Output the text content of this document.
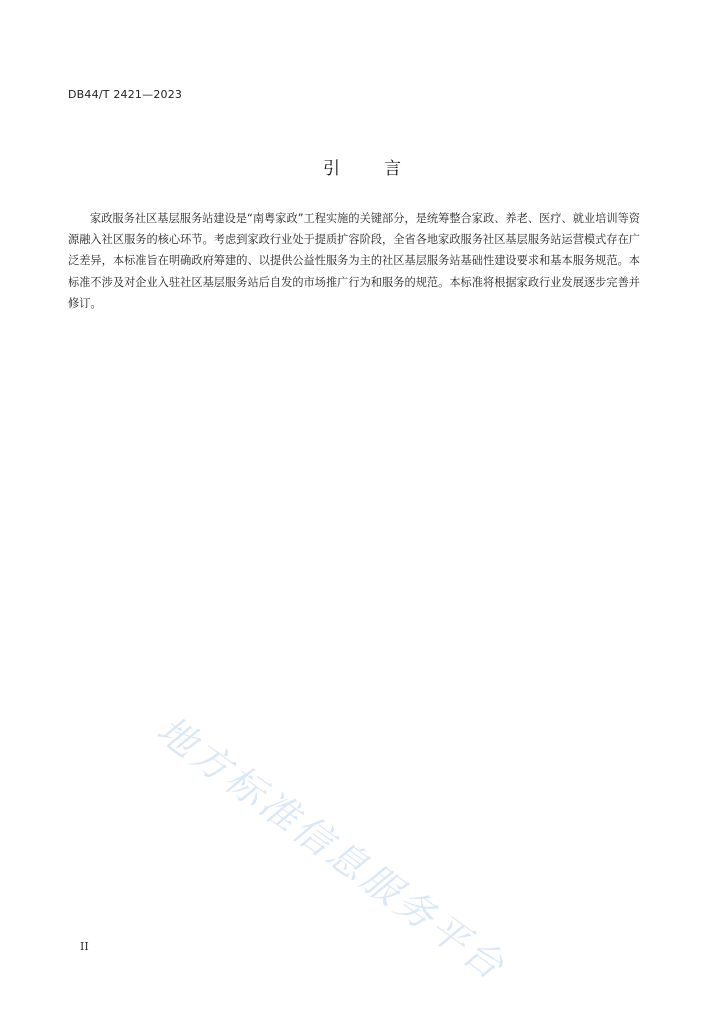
DB44/T 2421—2023
引言

家政服务社区基层服务站建设是“南粤家政”工程实施的关键部分，是统筹整合家政、养老、医疗、就业培训等资源融入社区服务的核心环节。考虑到家政行业处于提质扩容阶段，全省各地家政服务社区基层服务站运营模式存在广泛差异，本标准旨在明确政府筹建的、以提供公益性服务为主的社区基层服务站基础性建设要求和基本服务规范。本标准不涉及对企业入驻社区基层服务站后自发的市场推广行为和服务的规范。本标准将根据家政行业发展逐步完善并修订。

地方标准信息服务平台
II
